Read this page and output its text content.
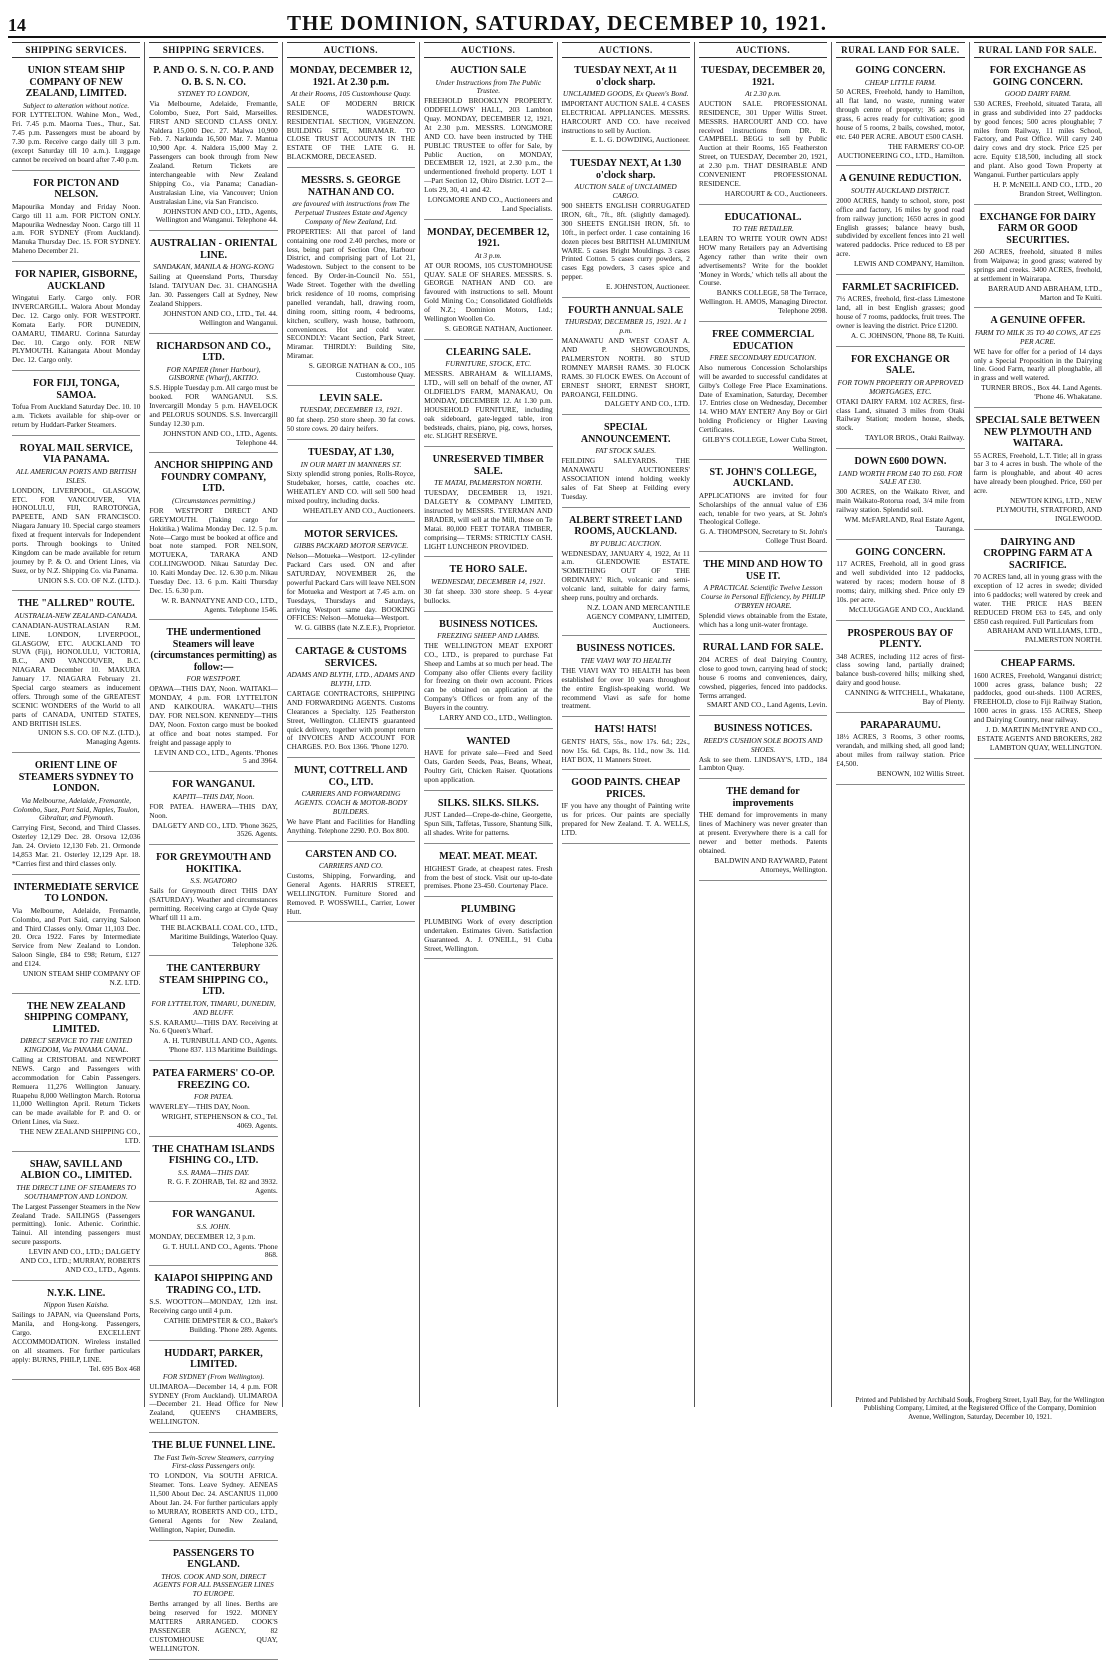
14	THE DOMINION, SATURDAY, DECEMBEP 10, 1921.
SHIPPING SERVICES.
UNION STEAM SHIP COMPANY OF NEW ZEALAND, LIMITED.
Subject to alteration without notice.
FOR LYTTELTON. Wahine Mon., Wed., Fri. 7.45 p.m. Maorna Tues., Thur., Sat. 7.45 p.m. Passengers must be aboard by 7.30 p.m. Receive cargo daily till 3 p.m. (except Saturday till 10 a.m.). Luggage cannot be received on board after 7.40 p.m.
FOR PICTON AND NELSON.
Mapourika Monday and Friday Noon. Cargo till 11 a.m. FOR PICTON ONLY. Mapourika Wednesday Noon. Cargo till 11 a.m. FOR SYDNEY (From Auckland). Manuka Thursday Dec. 15. FOR SYDNEY. Maheno December 21.
FOR NAPIER, GISBORNE, AUCKLAND
Wingatui Early. Cargo only. FOR INVERCARGILL. Walora About Monday Dec. 12. Cargo only. FOR WESTPORT. Komata Early. FOR DUNEDIN, OAMARU, TIMARU. Corinna Saturday Dec. 10. Cargo only. FOR NEW PLYMOUTH. Kaitangata About Monday Dec. 12. Cargo only.
FOR FIJI, TONGA, SAMOA.
Tofua From Auckland Saturday Dec. 10. 10 a.m. Tickets available for ship-over or return by Huddart-Parker Steamers.
ROYAL MAIL SERVICE, VIA PANAMA.
ALL AMERICAN PORTS AND BRITISH ISLES.
LONDON, LIVERPOOL, GLASGOW, ETC. FOR VANCOUVER, VIA HONOLULU, FIJI, RAROTONGA, PAPEETE, AND SAN FRANCISCO. Niagara January 10. Special cargo steamers fixed at frequent intervals for Independent ports. Through bookings to United Kingdom can be made available for return journey by P. & O. and Orient Lines, via Suez, or by N.Z. Shipping Co. via Panama.
UNION S.S. CO. OF N.Z. (LTD.).
THE "ALLRED" ROUTE.
AUSTRALIA-NEW ZEALAND-CANADA.
CANADIAN-AUSTRALASIAN R.M. LINE. LONDON, LIVERPOOL, GLASGOW, ETC. AUCKLAND TO SUVA (Fiji), HONOLULU, VICTORIA, B.C., AND VANCOUVER, B.C. NIAGARA December 10. MAKURA January 17. NIAGARA February 21. Special cargo steamers as inducement offers. Through some of the GREATEST SCENIC WONDERS of the World to all parts of CANADA, UNITED STATES, AND BRITISH ISLES.
UNION S.S. CO. OF N.Z. (LTD.), Managing Agents.
ORIENT LINE OF STEAMERS SYDNEY TO LONDON.
Via Melbourne, Adelaide, Fremantle, Colombo, Suez, Port Said, Naples, Toulon, Gibraltar, and Plymouth.
Carrying First, Second, and Third Classes. Osterley 12,129 Dec. 28. Orsova 12,036 Jan. 24. Orvieto 12,130 Feb. 21. Ormonde 14,853 Mar. 21. Osterley 12,129 Apr. 18. *Carries first and third classes only.
INTERMEDIATE SERVICE TO LONDON.
Via Melbourne, Adelaide, Fremantle, Colombo, and Port Said, carrying Saloon and Third Classes only. Omar 11,103 Dec. 20. Orca 1922. Fares by Intermediate Service from New Zealand to London. Saloon Single, £84 to £98; Return, £127 and £124.
UNION STEAM SHIP COMPANY OF N.Z. LTD.
THE NEW ZEALAND SHIPPING COMPANY, LIMITED.
DIRECT SERVICE TO THE UNITED KINGDOM, Via PANAMA CANAL.
Calling at CRISTOBAL and NEWPORT NEWS. Cargo and Passengers with accommodation for Cabin Passengers. Remuera 11,276 Wellington January. Ruapehu 8,000 Wellington March. Rotorua 11,000 Wellington April. Return Tickets can be made available for P. and O. or Orient Lines, via Suez.
THE NEW ZEALAND SHIPPING CO., LTD.
SHAW, SAVILL AND ALBION CO., LIMITED.
THE DIRECT LINE OF STEAMERS TO SOUTHAMPTON AND LONDON.
The Largest Passenger Steamers in the New Zealand Trade. SAILINGS (Passengers permitting). Ionic. Athenic. Corinthic. Tainui. All intending passengers must secure passports.
LEVIN AND CO., LTD.; DALGETY AND CO., LTD.; MURRAY, ROBERTS AND CO., LTD., Agents.
N.Y.K. LINE.
Nippon Yusen Kaisha.
Sailings to JAPAN, via Queensland Ports, Manila, and Hong-kong. Passengers, Cargo. EXCELLENT ACCOMMODATION. Wireless installed on all steamers. For further particulars apply: BURNS, PHILP, LINE.
Tel. 695 Box 468
SHIPPING SERVICES.
P. AND O. S. N. CO. P. AND O. B. S. N. CO.
SYDNEY TO LONDON,
Via Melbourne, Adelaide, Fremantle, Colombo, Suez, Port Said, Marseilles. FIRST AND SECOND CLASS ONLY. Naldera 15,000 Dec. 27. Malwa 10,900 Feb. 7. Narkunda 16,500 Mar. 7. Mantua 10,900 Apr. 4. Naldera 15,000 May 2. Passengers can book through from New Zealand. Return Tickets are interchangeable with New Zealand Shipping Co., via Panama; Canadian-Australasian Line, via Vancouver; Union Australasian Line, via San Francisco.
JOHNSTON AND CO., LTD., Agents, Wellington and Wanganui. Telephone 44.
AUSTRALIAN - ORIENTAL LINE.
SANDAKAN, MANILA & HONG-KONG
Sailing at Queensland Ports, Thursday Island. TAIYUAN Dec. 31. CHANGSHA Jan. 30. Passengers Call at Sydney, New Zealand Shippers.
JOHNSTON AND CO., LTD., Tel. 44. Wellington and Wanganui.
RICHARDSON AND CO., LTD.
FOR NAPIER (Inner Harbour), GISBORNE (Wharf), AKITIO.
S.S. Hipple Tuesday p.m. All cargo must be booked. FOR WANGANUI. S.S. Invercargill Monday 5 p.m. HAVELOCK and PELORUS SOUNDS. S.S. Invercargill Sunday 12.30 p.m.
JOHNSTON AND CO., LTD., Agents. Telephone 44.
ANCHOR SHIPPING AND FOUNDRY COMPANY, LTD.
(Circumstances permitting.)
FOR WESTPORT DIRECT AND GREYMOUTH. (Taking cargo for Hokitika.) Walima Monday Dec. 12. 5 p.m. Note—Cargo must be booked at office and boat note stamped. FOR NELSON, MOTUEKA, TARAKA AND COLLINGWOOD. Nikau Saturday Dec. 10. Kaiti Monday Dec. 12. 6.30 p.m. Nikau Tuesday Dec. 13. 6 p.m. Kaiti Thursday Dec. 15. 6.30 p.m.
W. R. BANNATYNE AND CO., LTD., Agents. Telephone 1546.
THE undermentioned Steamers will leave (circumstances permitting) as follow:—
FOR WESTPORT.
OPAWA—THIS DAY, Noon. WAITAKI—MONDAY, 4 p.m. FOR LYTTELTON AND KAIKOURA. WAKATU—THIS DAY. FOR NELSON. KENNEDY—THIS DAY, Noon. Foxton cargo must be booked at office and boat notes stamped. For freight and passage apply to
LEVIN AND CO., LTD., Agents. 'Phones 5 and 3964.
FOR WANGANUI.
KAPITI—THIS DAY, Noon.
FOR PATEA. HAWERA—THIS DAY, Noon.
DALGETY AND CO., LTD. 'Phone 3625, 3526. Agents.
FOR GREYMOUTH AND HOKITIKA.
S.S. NGATORO
Sails for Greymouth direct THIS DAY (SATURDAY). Weather and circumstances permitting. Receiving cargo at Clyde Quay Wharf till 11 a.m.
THE BLACKBALL COAL CO., LTD., Maritime Buildings, Waterloo Quay. Telephone 326.
THE CANTERBURY STEAM SHIPPING CO., LTD.
FOR LYTTELTON, TIMARU, DUNEDIN, AND BLUFF.
S.S. KARAMU—THIS DAY. Receiving at No. 6 Queen's Wharf.
A. H. TURNBULL AND CO., Agents. 'Phone 837. 113 Maritime Buildings.
PATEA FARMERS' CO-OP. FREEZING CO.
FOR PATEA.
WAVERLEY—THIS DAY, Noon.
WRIGHT, STEPHENSON & CO., Tel. 4069. Agents.
THE CHATHAM ISLANDS FISHING CO., LTD.
S.S. RAMA—THIS DAY.
R. G. F. ZOHRAB, Tel. 82 and 3932. Agents.
FOR WANGANUI.
S.S. JOHN.
MONDAY, DECEMBER 12, 3 p.m.
G. T. HULL AND CO., Agents. 'Phone 868.
KAIAPOI SHIPPING AND TRADING CO., LTD.
S.S. WOOTTON—MONDAY, 12th inst. Receiving cargo until 4 p.m.
CATHIE DEMPSTER & CO., Baker's Building. 'Phone 289. Agents.
HUDDART, PARKER, LIMITED.
FOR SYDNEY (From Wellington).
ULIMAROA—December 14, 4 p.m. FOR SYDNEY (From Auckland). ULIMAROA—December 21. Head Office for New Zealand, QUEEN'S CHAMBERS, WELLINGTON.
THE BLUE FUNNEL LINE.
The Fast Twin-Screw Steamers, carrying First-class Passengers only.
TO LONDON, Via SOUTH AFRICA. Steamer. Tons. Leave Sydney. AENEAS 11,500 About Dec. 24. ASCANIUS 11,000 About Jan. 24. For further particulars apply to MURRAY, ROBERTS AND CO., LTD., General Agents for New Zealand, Wellington, Napier, Dunedin.
PASSENGERS TO ENGLAND.
THOS. COOK AND SON, DIRECT AGENTS FOR ALL PASSENGER LINES TO EUROPE.
Berths arranged by all lines. Berths are being reserved for 1922. MONEY MATTERS ARRANGED. COOK'S PASSENGER AGENCY, 82 CUSTOMHOUSE QUAY, WELLINGTON.
AUCTIONS.
MONDAY, DECEMBER 12, 1921. At 2.30 p.m.
At their Rooms, 105 Customhouse Quay.
SALE OF MODERN BRICK RESIDENCE, WADESTOWN. RESIDENTIAL SECTION, VIGENZON. BUILDING SITE, MIRAMAR. TO CLOSE TRUST ACCOUNTS IN THE ESTATE OF THE LATE G. H. BLACKMORE, DECEASED.
MESSRS. S. GEORGE NATHAN AND CO.
are favoured with instructions from The Perpetual Trustees Estate and Agency Company of New Zealand, Ltd.
PROPERTIES: All that parcel of land containing one rood 2.40 perches, more or less, being part of Section One, Harbour District, and comprising part of Lot 21, Wadestown. Subject to the consent to be fenced. By Order-in-Council No. 551, Wade Street. Together with the dwelling brick residence of 10 rooms, comprising panelled verandah, hall, drawing room, dining room, sitting room, 4 bedrooms, kitchen, scullery, wash house, bathroom, conveniences. Hot and cold water. SECONDLY: Vacant Section, Park Street, Miramar. THIRDLY: Building Site, Miramar.
S. GEORGE NATHAN & CO., 105 Customhouse Quay.
LEVIN SALE.
TUESDAY, DECEMBER 13, 1921.
80 fat sheep. 250 store sheep. 30 fat cows. 50 store cows. 20 dairy heifers.
TUESDAY, AT 1.30,
IN OUR MART IN MANNERS ST.
Sixty splendid strong ponies, Rolls-Royce, Studebaker, horses, cattle, coaches etc. WHEATLEY AND CO. will sell 500 head mixed poultry, including ducks.
WHEATLEY AND CO., Auctioneers.
MOTOR SERVICES.
GIBBS PACKARD MOTOR SERVICE.
Nelson—Motueka—Westport. 12-cylinder Packard Cars used. ON and after SATURDAY, NOVEMBER 26, the powerful Packard Cars will leave NELSON for Motueka and Westport at 7.45 a.m. on Tuesdays, Thursdays and Saturdays, arriving Westport same day. BOOKING OFFICES: Nelson—Motueka—Westport.
W. G. GIBBS (late N.Z.E.F.), Proprietor.
CARTAGE & CUSTOMS SERVICES.
ADAMS AND BLYTH, LTD., ADAMS AND BLYTH, LTD.
CARTAGE CONTRACTORS, SHIPPING AND FORWARDING AGENTS. Customs Clearances a Specialty. 125 Featherston Street, Wellington. CLIENTS guaranteed quick delivery, together with prompt return of INVOICES AND ACCOUNT FOR CHARGES. P.O. Box 1366. 'Phone 1270.
MUNT, COTTRELL AND CO., LTD.
CARRIERS AND FORWARDING AGENTS. COACH & MOTOR-BODY BUILDERS.
We have Plant and Facilities for Handling Anything. Telephone 2290. P.O. Box 800.
CARSTEN AND CO.
CARRIERS AND CO.
Customs, Shipping, Forwarding, and General Agents. HARRIS STREET, WELLINGTON. Furniture Stored and Removed. P. WOSSWILL, Carrier, Lower Hutt.
AUCTIONS.
AUCTION SALE
Under Instructions from The Public Trustee.
FREEHOLD BROOKLYN PROPERTY. ODDFELLOWS' HALL, 203 Lambton Quay. MONDAY, DECEMBER 12, 1921, At 2.30 p.m. MESSRS. LONGMORE AND CO. have been instructed by THE PUBLIC TRUSTEE to offer for Sale, by Public Auction, on MONDAY, DECEMBER 12, 1921, at 2.30 p.m., the undermentioned freehold property. LOT 1—Part Section 12, Ohiro District. LOT 2—Lots 29, 30, 41 and 42.
LONGMORE AND CO., Auctioneers and Land Specialists.
MONDAY, DECEMBER 12, 1921.
At 3 p.m.
AT OUR ROOMS, 105 CUSTOMHOUSE QUAY. SALE OF SHARES. MESSRS. S. GEORGE NATHAN AND CO. are favoured with instructions to sell. Mount Gold Mining Co.; Consolidated Goldfields of N.Z.; Dominion Motors, Ltd.; Wellington Woollen Co.
S. GEORGE NATHAN, Auctioneer.
CLEARING SALE.
FURNITURE, STOCK, ETC.
MESSRS. ABRAHAM & WILLIAMS, LTD., will sell on behalf of the owner, AT OLDFIELD'S FARM, MANAKAU, On MONDAY, DECEMBER 12. At 1.30 p.m. HOUSEHOLD FURNITURE, including oak sideboard, gate-legged table, iron bedsteads, chairs, piano, pig, cows, horses, etc. SLIGHT RESERVE.
UNRESERVED TIMBER SALE.
TE MATAI, PALMERSTON NORTH.
TUESDAY, DECEMBER 13, 1921. DALGETY & COMPANY LIMITED, instructed by MESSRS. TYERMAN AND BRADER, will sell at the Mill, those on Te Matai. 80,000 FEET TOTARA TIMBER, comprising— TERMS: STRICTLY CASH. LIGHT LUNCHEON PROVIDED.
TE HORO SALE.
WEDNESDAY, DECEMBER 14, 1921.
30 fat sheep. 330 store sheep. 5 4-year bullocks.
BUSINESS NOTICES.
FREEZING SHEEP AND LAMBS.
THE WELLINGTON MEAT EXPORT CO., LTD., is prepared to purchase Fat Sheep and Lambs at so much per head. The Company also offer Clients every facility for freezing on their own account. Prices can be obtained on application at the Company's Offices or from any of the Buyers in the country.
LARRY AND CO., LTD., Wellington.
WANTED
HAVE for private sale—Feed and Seed Oats, Garden Seeds, Peas, Beans, Wheat, Poultry Grit, Chicken Raiser. Quotations upon application.
SILKS. SILKS. SILKS.
JUST Landed—Crepe-de-chine, Georgette, Spun Silk, Taffetas, Tussore, Shantung Silk, all shades. Write for patterns.
MEAT. MEAT. MEAT.
HIGHEST Grade, at cheapest rates. Fresh from the best of stock. Visit our up-to-date premises. Phone 23-450. Courtenay Place.
PLUMBING
PLUMBING Work of every description undertaken. Estimates Given. Satisfaction Guaranteed. A. J. O'NEILL, 91 Cuba Street, Wellington.
AUCTIONS.
TUESDAY NEXT, At 11 o'clock sharp.
UNCLAIMED GOODS, Ex Queen's Bond.
IMPORTANT AUCTION SALE. 4 CASES ELECTRICAL APPLIANCES. MESSRS. HARCOURT AND CO. have received instructions to sell by Auction.
E. L. G. DOWDING, Auctioneer.
TUESDAY NEXT, At 1.30 o'clock sharp.
AUCTION SALE of UNCLAIMED CARGO.
900 SHEETS ENGLISH CORRUGATED IRON, 6ft., 7ft., 8ft. (slightly damaged). 300 SHEETS ENGLISH IRON, 5ft. to 10ft., in perfect order. 1 case containing 16 dozen pieces best BRITISH ALUMINIUM WARE. 5 cases Bright Mouldings. 3 cases Printed Cotton. 5 cases curry powders, 2 cases Egg powders, 3 cases spice and pepper.
E. JOHNSTON, Auctioneer.
FOURTH ANNUAL SALE
THURSDAY, DECEMBER 15, 1921. At 1 p.m.
MANAWATU AND WEST COAST A. AND P. SHOWGROUNDS, PALMERSTON NORTH. 80 STUD ROMNEY MARSH RAMS. 30 FLOCK RAMS. 30 FLOCK EWES. On Account of ERNEST SHORT, ERNEST SHORT, PAROANGI, FEILDING.
DALGETY AND CO., LTD.
SPECIAL ANNOUNCEMENT.
FAT STOCK SALES.
FEILDING SALEYARDS. THE MANAWATU AUCTIONEERS' ASSOCIATION intend holding weekly sales of Fat Sheep at Feilding every Tuesday.
ALBERT STREET LAND ROOMS, AUCKLAND.
BY PUBLIC AUCTION.
WEDNESDAY, JANUARY 4, 1922, At 11 a.m. GLENDOWIE ESTATE. 'SOMETHING OUT OF THE ORDINARY.' Rich, volcanic and semi-volcanic land, suitable for dairy farms, sheep runs, poultry and orchards.
N.Z. LOAN AND MERCANTILE AGENCY COMPANY, LIMITED, Auctioneers.
BUSINESS NOTICES.
THE VIAVI WAY TO HEALTH
THE VIAVI WAY TO HEALTH has been established for over 10 years throughout the entire English-speaking world. We recommend Viavi as safe for home treatment.
HATS! HATS!
GENTS' HATS, 55s., now 17s. 6d.; 22s., now 15s. 6d. Caps, 8s. 11d., now 3s. 11d. HAT BOX, 11 Manners Street.
GOOD PAINTS. CHEAP PRICES.
IF you have any thought of Painting write us for prices. Our paints are specially prepared for New Zealand. T. A. WELLS, LTD.
AUCTIONS.
TUESDAY, DECEMBER 20, 1921.
At 2.30 p.m.
AUCTION SALE. PROFESSIONAL RESIDENCE, 301 Upper Willis Street. MESSRS. HARCOURT AND CO. have received instructions from DR. R. CAMPBELL BEGG to sell by Public Auction at their Rooms, 165 Featherston Street, on TUESDAY, December 20, 1921, at 2.30 p.m. THAT DESIRABLE AND CONVENIENT PROFESSIONAL RESIDENCE.
HARCOURT & CO., Auctioneers.
EDUCATIONAL.
TO THE RETAILER.
LEARN TO WRITE YOUR OWN ADS! HOW many Retailers pay an Advertising Agency rather than write their own advertisements? Write for the booklet 'Money in Words,' which tells all about the Course.
BANKS COLLEGE, 58 The Terrace, Wellington. H. AMOS, Managing Director. Telephone 2098.
FREE COMMERCIAL EDUCATION
FREE SECONDARY EDUCATION.
Also numerous Concession Scholarships will be awarded to successful candidates at Gilby's College Free Place Examinations. Date of Examination, Saturday, December 17. Entries close on Wednesday, December 14. WHO MAY ENTER? Any Boy or Girl holding Proficiency or Higher Leaving Certificates.
GILBY'S COLLEGE, Lower Cuba Street, Wellington.
ST. JOHN'S COLLEGE, AUCKLAND.
APPLICATIONS are invited for four Scholarships of the annual value of £36 each, tenable for two years, at St. John's Theological College.
G. A. THOMPSON, Secretary to St. John's College Trust Board.
THE MIND AND HOW TO USE IT.
A PRACTICAL Scientific Twelve Lesson Course in Personal Efficiency, by PHILIP O'BRYEN HOARE.
Splendid views obtainable from the Estate, which has a long unit-water frontage.
RURAL LAND FOR SALE.
204 ACRES of deal Dairying Country, close to good town, carrying head of stock; house 6 rooms and conveniences, dairy, cowshed, piggeries, fenced into paddocks. Terms arranged.
SMART AND CO., Land Agents, Levin.
BUSINESS NOTICES.
REED'S CUSHION SOLE BOOTS AND SHOES.
Ask to see them. LINDSAY'S, LTD., 184 Lambton Quay.
THE demand for improvements
THE demand for improvements in many lines of Machinery was never greater than at present. Everywhere there is a call for newer and better methods. Patents obtained.
BALDWIN AND RAYWARD, Patent Attorneys, Wellington.
RURAL LAND FOR SALE.
GOING CONCERN.
CHEAP LITTLE FARM.
50 ACRES, Freehold, handy to Hamilton, all flat land, no waste, running water through centre of property; 36 acres in grass, 6 acres ready for cultivation; good house of 5 rooms, 2 bails, cowshed, motor, etc. £40 PER ACRE. ABOUT £500 CASH.
THE FARMERS' CO-OP. AUCTIONEERING CO., LTD., Hamilton.
A GENUINE REDUCTION.
SOUTH AUCKLAND DISTRICT.
2000 ACRES, handy to school, store, post office and factory, 16 miles by good road from railway junction; 1650 acres in good English grasses; balance heavy bush, subdivided by excellent fences into 21 well watered paddocks. Price reduced to £8 per acre.
LEWIS AND COMPANY, Hamilton.
FARMLET SACRIFICED.
7½ ACRES, freehold, first-class Limestone land, all in best English grasses; good house of 7 rooms, paddocks, fruit trees. The owner is leaving the district. Price £1200.
A. C. JOHNSON, 'Phone 88, Te Kuiti.
FOR EXCHANGE OR SALE.
FOR TOWN PROPERTY OR APPROVED MORTGAGES, ETC.
OTAKI DAIRY FARM. 102 ACRES, first-class Land, situated 3 miles from Otaki Railway Station; modern house, sheds, stock.
TAYLOR BROS., Otaki Railway.
DOWN £600 DOWN.
LAND WORTH FROM £40 TO £60. FOR SALE AT £30.
300 ACRES, on the Waikato River, and main Waikato-Rotorua road, 3/4 mile from railway station. Splendid soil.
WM. McFARLAND, Real Estate Agent, Tauranga.
GOING CONCERN.
117 ACRES, Freehold, all in good grass and well subdivided into 12 paddocks, watered by races; modern house of 8 rooms; dairy, milking shed. Price only £9 10s. per acre.
McCLUGGAGE AND CO., Auckland.
PROSPEROUS BAY OF PLENTY.
348 ACRES, including 112 acres of first-class sowing land, partially drained; balance bush-covered hills; milking shed, dairy and good house.
CANNING & WITCHELL, Whakatane, Bay of Plenty.
PARAPARAUMU.
18½ ACRES, 3 Rooms, 3 other rooms, verandah, and milking shed, all good land; about miles from railway station. Price £4,500.
BENOWN, 102 Willis Street.
RURAL LAND FOR SALE.
FOR EXCHANGE AS GOING CONCERN.
GOOD DAIRY FARM.
530 ACRES, Freehold, situated Tarata, all in grass and subdivided into 27 paddocks by good fences; 500 acres ploughable; 7 miles from Railway, 11 miles School, Factory, and Post Office. Will carry 240 dairy cows and dry stock. Price £25 per acre. Equity £18,500, including all stock and plant. Also good Town Property at Wanganui. Further particulars apply
H. P. McNEILL AND CO., LTD., 20 Brandon Street, Wellington.
EXCHANGE FOR DAIRY FARM OR GOOD SECURITIES.
260 ACRES, freehold, situated 8 miles from Waipawa; in good grass; watered by springs and creeks. 3400 ACRES, freehold, at settlement in Wairarapa.
BARRAUD AND ABRAHAM, LTD., Marton and Te Kuiti.
A GENUINE OFFER.
FARM TO MILK 35 TO 40 COWS, AT £25 PER ACRE.
WE have for offer for a period of 14 days only a Special Proposition in the Dairying line. Good Farm, nearly all ploughable, all in grass and well watered.
TURNER BROS., Box 44. Land Agents. 'Phone 46. Whakatane.
SPECIAL SALE BETWEEN NEW PLYMOUTH AND WAITARA.
55 ACRES, Freehold, L.T. Title; all in grass bar 3 to 4 acres in bush. The whole of the farm is ploughable, and about 40 acres have already been ploughed. Price, £60 per acre.
NEWTON KING, LTD., NEW PLYMOUTH, STRATFORD, AND INGLEWOOD.
DAIRYING AND CROPPING FARM AT A SACRIFICE.
70 ACRES land, all in young grass with the exception of 12 acres in swede; divided into 6 paddocks; well watered by creek and water. THE PRICE HAS BEEN REDUCED FROM £63 to £45, and only £850 cash required. Full Particulars from
ABRAHAM AND WILLIAMS, LTD., PALMERSTON NORTH.
CHEAP FARMS.
1600 ACRES, Freehold, Wanganui district; 1000 acres grass, balance bush; 22 paddocks, good out-sheds. 1100 ACRES, FREEHOLD, close to Fiji Railway Station, 1000 acres in grass. 155 ACRES, Sheep and Dairying Country, near railway.
J. D. MARTIN McINTYRE AND CO., ESTATE AGENTS AND BROKERS, 282 LAMBTON QUAY, WELLINGTON.
Printed and Published by Archibald Souls, Frogberg Street, Lyall Bay, for the Wellington Publishing Company, Limited, at the Registered Office of the Company, Dominion Avenue, Wellington, Saturday, December 10, 1921.
